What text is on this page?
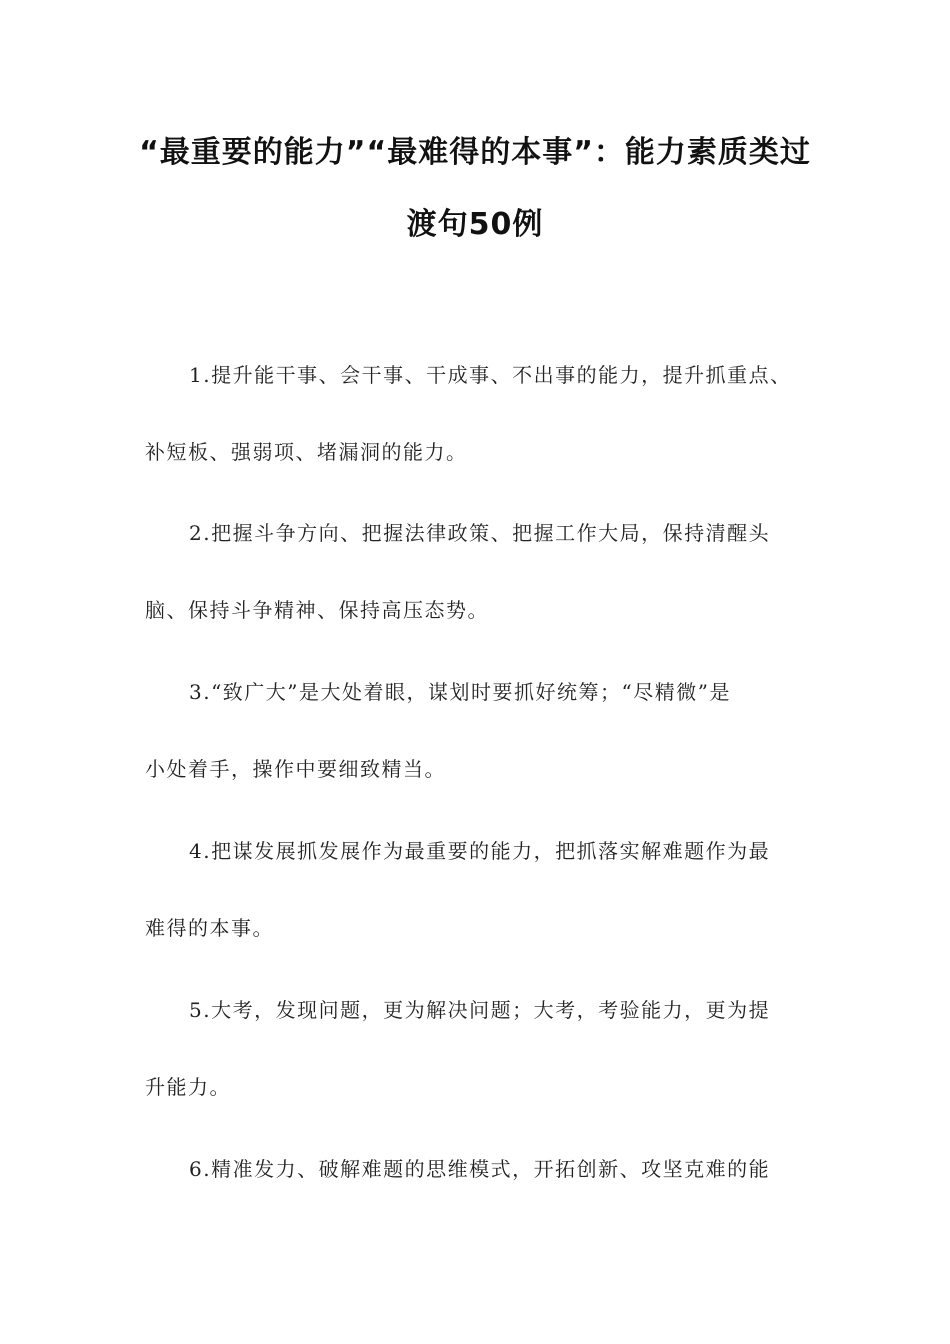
“最重要的能力”“最难得的本事”：能力素质类过
渡句50例
1.提升能干事、会干事、干成事、不出事的能力，提升抓重点、
补短板、强弱项、堵漏洞的能力。
2.把握斗争方向、把握法律政策、把握工作大局，保持清醒头
脑、保持斗争精神、保持高压态势。
3.“致广大”是大处着眼，谋划时要抓好统筹；“尽精微”是
小处着手，操作中要细致精当。
4.把谋发展抓发展作为最重要的能力，把抓落实解难题作为最
难得的本事。
5.大考，发现问题，更为解决问题；大考，考验能力，更为提
升能力。
6.精准发力、破解难题的思维模式，开拓创新、攻坚克难的能
